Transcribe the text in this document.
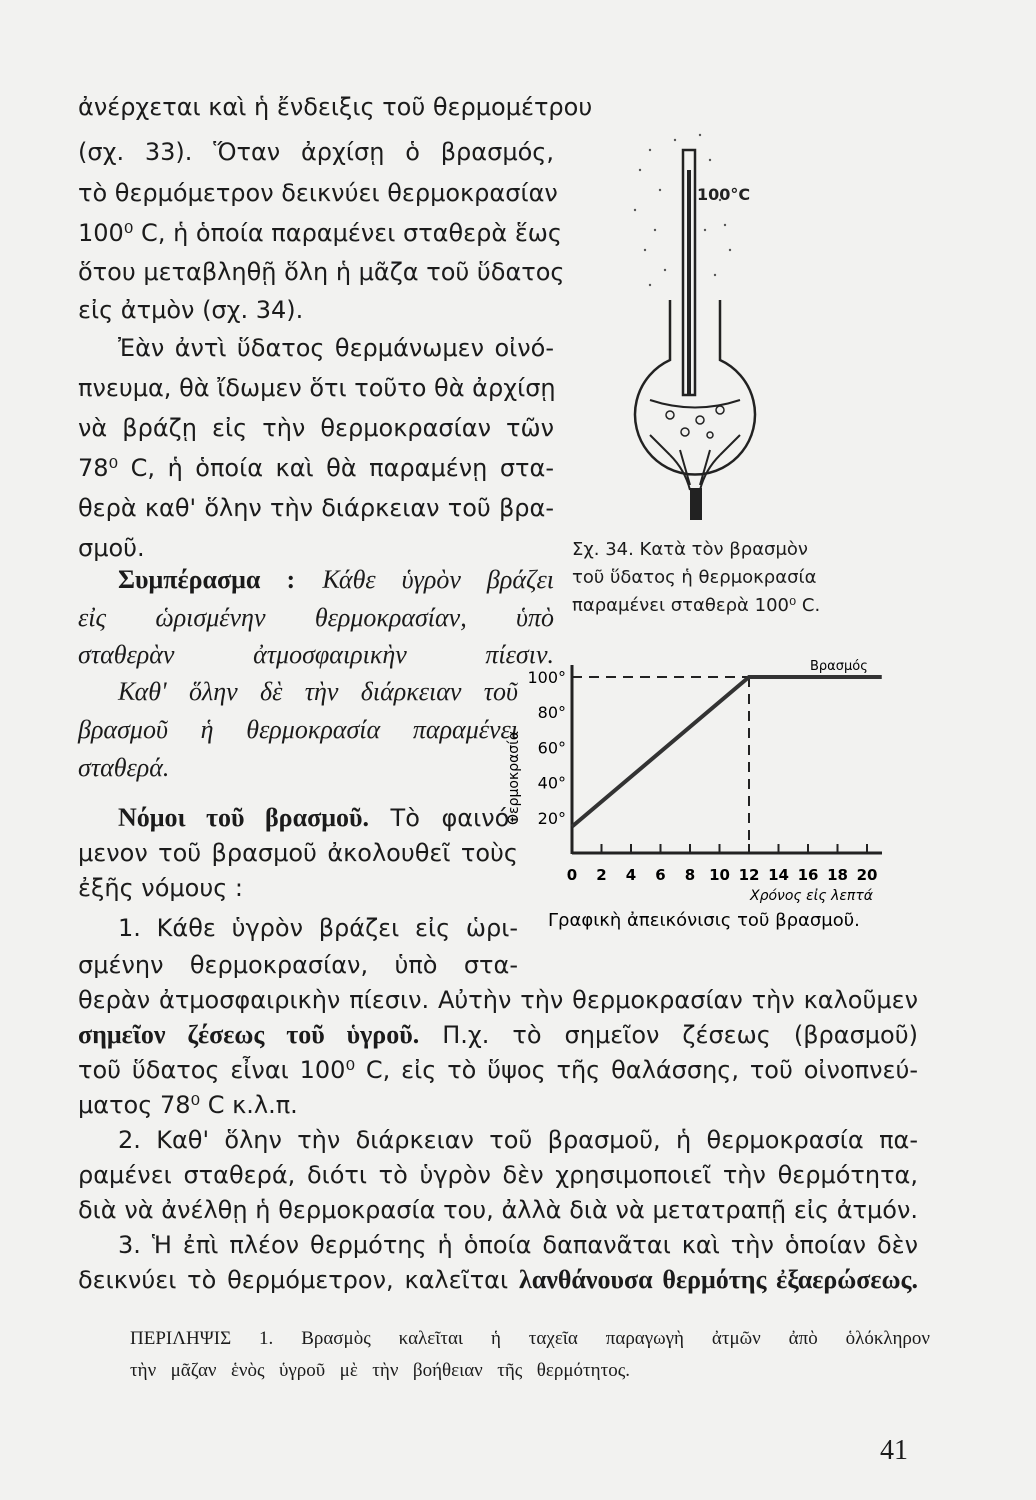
ἀνέρχεται καὶ ἡ ἔνδειξις τοῦ θερμομέτρου
(σχ. 33). Ὅταν ἀρχίσῃ ὁ βρασμός,
τὸ θερμόμετρον δεικνύει θερμοκρασίαν
100⁰ C, ἡ ὁποία παραμένει σταθερὰ ἕως
ὅτου μεταβληθῇ ὅλη ἡ μᾶζα τοῦ ὕδατος
εἰς ἀτμὸν (σχ. 34).
Ἐὰν ἀντὶ ὕδατος θερμάνωμεν οἰνό-
πνευμα, θὰ ἴδωμεν ὅτι τοῦτο θὰ ἀρχίσῃ
νὰ βράζῃ εἰς τὴν θερμοκρασίαν τῶν
78⁰ C, ἡ ὁποία καὶ θὰ παραμένῃ στα-
θερὰ καθ' ὅλην τὴν διάρκειαν τοῦ βρα-
σμοῦ.
Συμπέρασμα : Κάθε ὑγρὸν βράζει
εἰς ὡρισμένην θερμοκρασίαν, ὑπὸ
σταθερὰν ἀτμοσφαιρικὴν πίεσιν.
Καθ' ὅλην δὲ τὴν διάρκειαν τοῦ
βρασμοῦ ἡ θερμοκρασία παραμένει
σταθερά.
Νόμοι τοῦ βρασμοῦ. Τὸ φαινό-
μενον τοῦ βρασμοῦ ἀκολουθεῖ τοὺς
ἐξῆς νόμους :
1. Κάθε ὑγρὸν βράζει εἰς ὡρι-
σμένην θερμοκρασίαν, ὑπὸ στα-
θερὰν ἀτμοσφαιρικὴν πίεσιν. Αὐτὴν τὴν θερμοκρασίαν τὴν καλοῦμεν
σημεῖον ζέσεως τοῦ ὑγροῦ. Π.χ. τὸ σημεῖον ζέσεως (βρασμοῦ)
τοῦ ὕδατος εἶναι 100⁰ C, εἰς τὸ ὕψος τῆς θαλάσσης, τοῦ οἰνοπνεύ-
ματος 78⁰ C κ.λ.π.
2. Καθ' ὅλην τὴν διάρκειαν τοῦ βρασμοῦ, ἡ θερμοκρασία πα-
ραμένει σταθερά, διότι τὸ ὑγρὸν δὲν χρησιμοποιεῖ τὴν θερμότητα,
διὰ νὰ ἀνέλθῃ ἡ θερμοκρασία του, ἀλλὰ διὰ νὰ μετατραπῇ εἰς ἀτμόν.
3. Ἡ ἐπὶ πλέον θερμότης ἡ ὁποία δαπανᾶται καὶ τὴν ὁποίαν δὲν
δεικνύει τὸ θερμόμετρον, καλεῖται λανθάνουσα θερμότης ἐξαερώσεως.
100°C
Σχ. 34. Κατὰ τὸν βρασμὸν
τοῦ ὕδατος ἡ θερμοκρασία
παραμένει σταθερὰ 100⁰ C.
0 2 4 6 8 10 12 14 16 18 20
20°
40°
60°
80°
100°
Βρασμός
Θερμοκρασία
Χρόνος εἰς λεπτά
Γραφικὴ ἀπεικόνισις τοῦ βρασμοῦ.
ΠΕΡΙΛΗΨΙΣ 1. Βρασμὸς καλεῖται ἡ ταχεῖα παραγωγὴ ἀτμῶν ἀπὸ ὁλόκληρον
τὴν μᾶζαν ἑνὸς ὑγροῦ μὲ τὴν βοήθειαν τῆς θερμότητος.
41
